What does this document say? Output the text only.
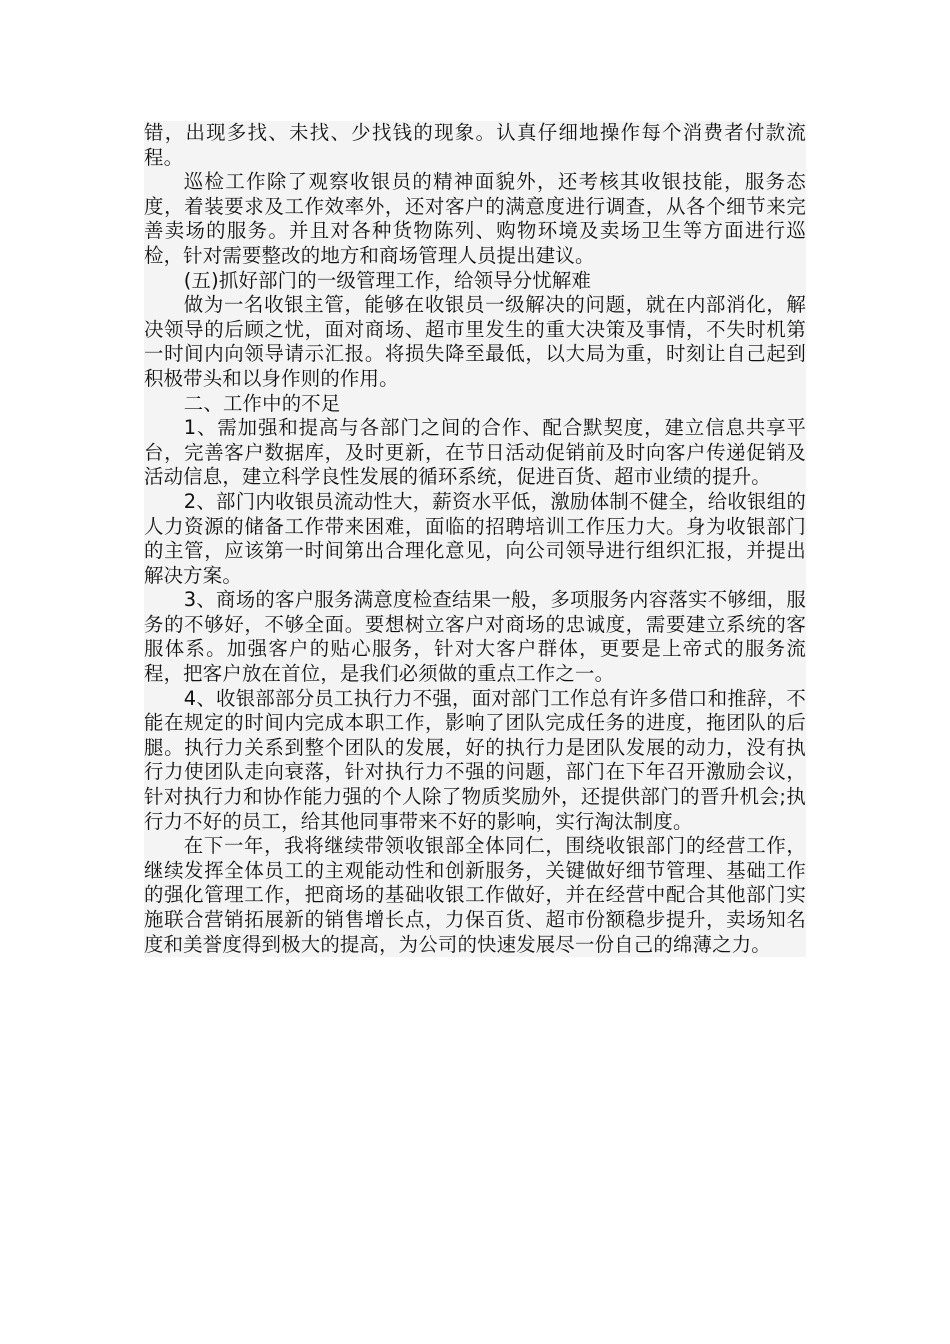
错，出现多找、未找、少找钱的现象。认真仔细地操作每个消费者付款流程。

巡检工作除了观察收银员的精神面貌外，还考核其收银技能，服务态度，着装要求及工作效率外，还对客户的满意度进行调查，从各个细节来完善卖场的服务。并且对各种货物陈列、购物环境及卖场卫生等方面进行巡检，针对需要整改的地方和商场管理人员提出建议。

(五)抓好部门的一级管理工作，给领导分忧解难

做为一名收银主管，能够在收银员一级解决的问题，就在内部消化，解决领导的后顾之忧，面对商场、超市里发生的重大决策及事情，不失时机第一时间内向领导请示汇报。将损失降至最低，以大局为重，时刻让自己起到积极带头和以身作则的作用。

二、工作中的不足

1、需加强和提高与各部门之间的合作、配合默契度，建立信息共享平台，完善客户数据库，及时更新，在节日活动促销前及时向客户传递促销及活动信息，建立科学良性发展的循环系统，促进百货、超市业绩的提升。

2、部门内收银员流动性大，薪资水平低，激励体制不健全，给收银组的人力资源的储备工作带来困难，面临的招聘培训工作压力大。身为收银部门的主管，应该第一时间第出合理化意见，向公司领导进行组织汇报，并提出解决方案。

3、商场的客户服务满意度检查结果一般，多项服务内容落实不够细，服务的不够好，不够全面。要想树立客户对商场的忠诚度，需要建立系统的客服体系。加强客户的贴心服务，针对大客户群体，更要是上帝式的服务流程，把客户放在首位，是我们必须做的重点工作之一。

4、收银部部分员工执行力不强，面对部门工作总有许多借口和推辞，不能在规定的时间内完成本职工作，影响了团队完成任务的进度，拖团队的后腿。执行力关系到整个团队的发展，好的执行力是团队发展的动力，没有执行力使团队走向衰落，针对执行力不强的问题，部门在下年召开激励会议，针对执行力和协作能力强的个人除了物质奖励外，还提供部门的晋升机会;执行力不好的员工，给其他同事带来不好的影响，实行淘汰制度。

在下一年，我将继续带领收银部全体同仁，围绕收银部门的经营工作，继续发挥全体员工的主观能动性和创新服务，关键做好细节管理、基础工作的强化管理工作，把商场的基础收银工作做好，并在经营中配合其他部门实施联合营销拓展新的销售增长点，力保百货、超市份额稳步提升，卖场知名度和美誉度得到极大的提高，为公司的快速发展尽一份自己的绵薄之力。
